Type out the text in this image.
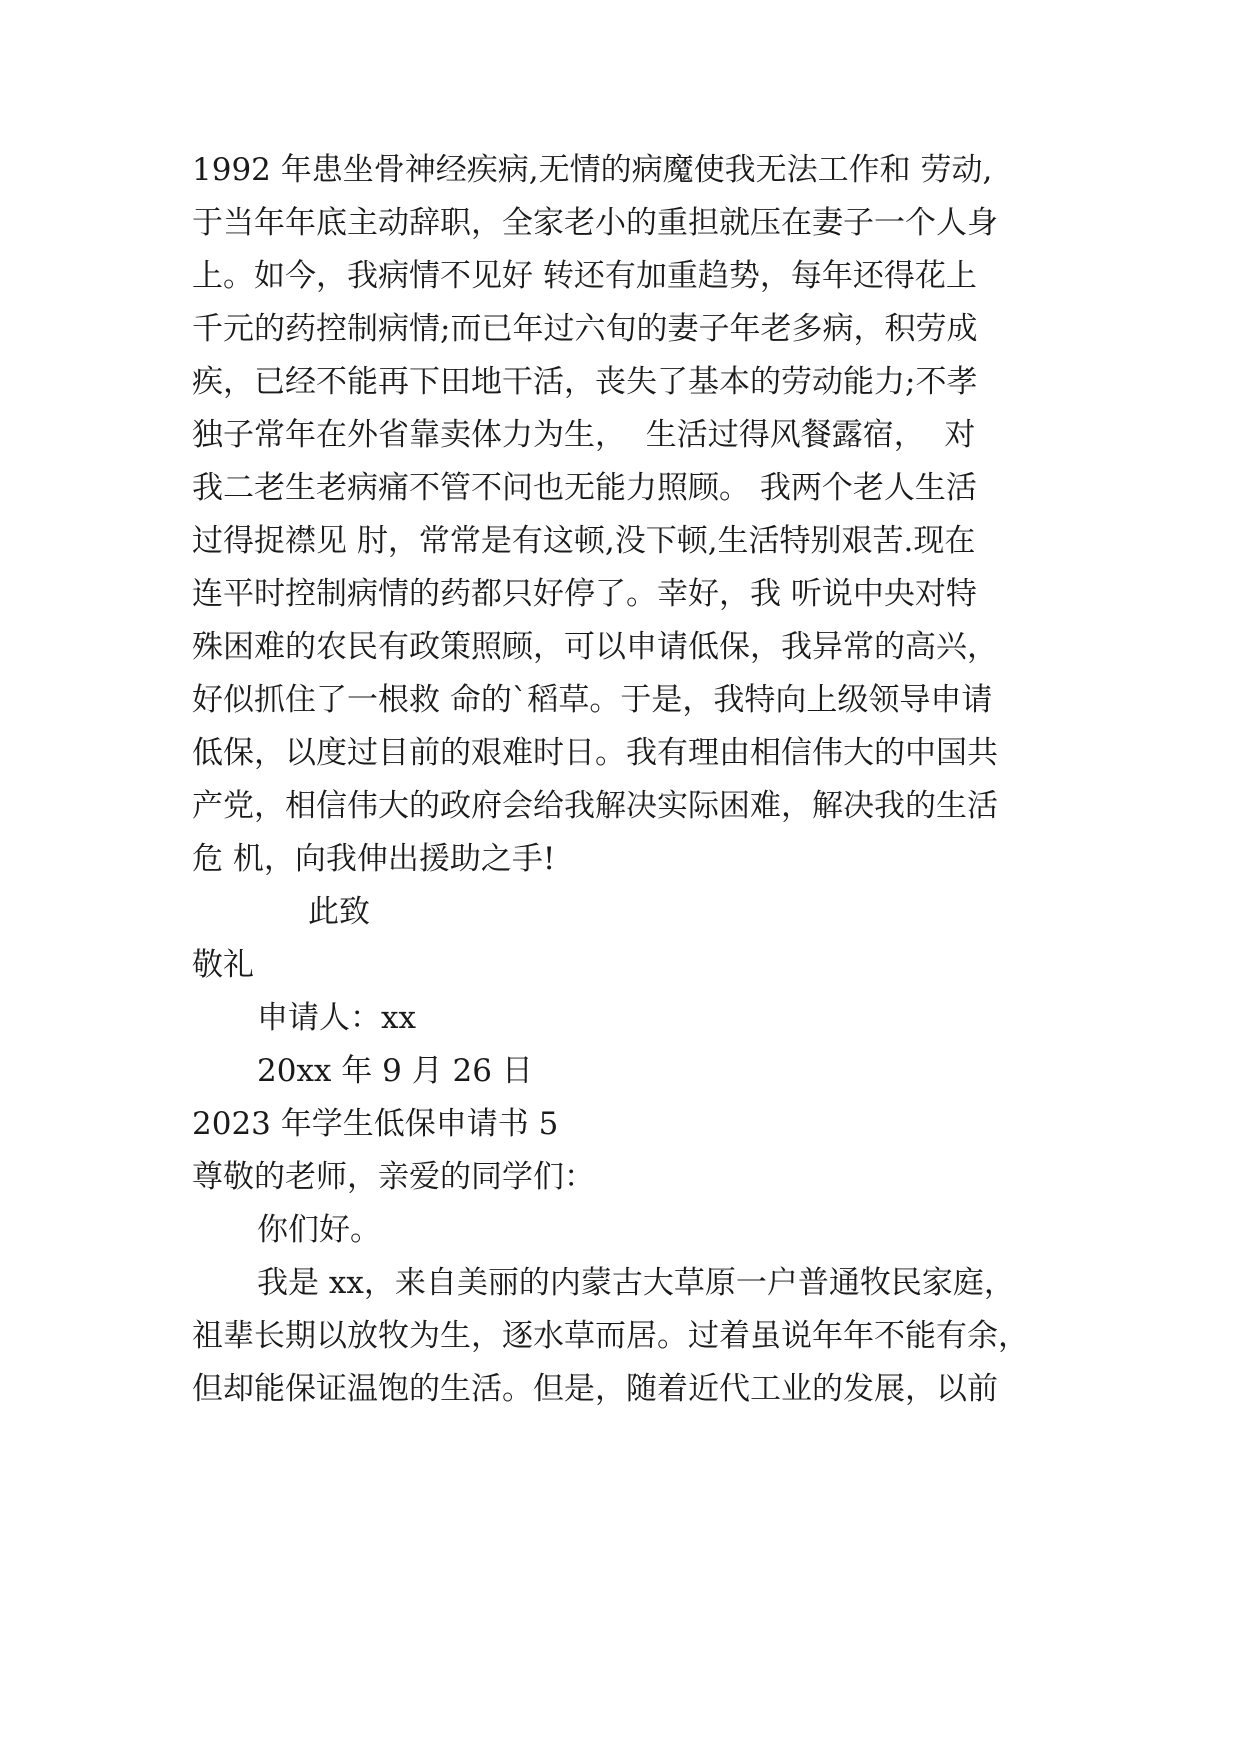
1992 年患坐骨神经疾病,无情的病魔使我无法工作和 劳动,
于当年年底主动辞职，全家老小的重担就压在妻子一个人身
上。如今，我病情不见好 转还有加重趋势，每年还得花上
千元的药控制病情;而已年过六旬的妻子年老多病，积劳成
疾，已经不能再下田地干活，丧失了基本的劳动能力;不孝
独子常年在外省靠卖体力为生，  生活过得风餐露宿，  对
我二老生老病痛不管不问也无能力照顾。 我两个老人生活
过得捉襟见 肘，常常是有这顿,没下顿,生活特别艰苦.现在
连平时控制病情的药都只好停了。幸好，我 听说中央对特
殊困难的农民有政策照顾，可以申请低保，我异常的高兴，
好似抓住了一根救 命的`稻草。于是，我特向上级领导申请
低保，以度过目前的艰难时日。我有理由相信伟大的中国共
产党，相信伟大的政府会给我解决实际困难，解决我的生活
危 机，向我伸出援助之手!
此致
敬礼
申请人：xx
20xx 年 9 月 26 日
2023 年学生低保申请书 5
尊敬的老师，亲爱的同学们：
你们好。
我是 xx，来自美丽的内蒙古大草原一户普通牧民家庭，
祖辈长期以放牧为生，逐水草而居。过着虽说年年不能有余，
但却能保证温饱的生活。但是，随着近代工业的发展，以前
